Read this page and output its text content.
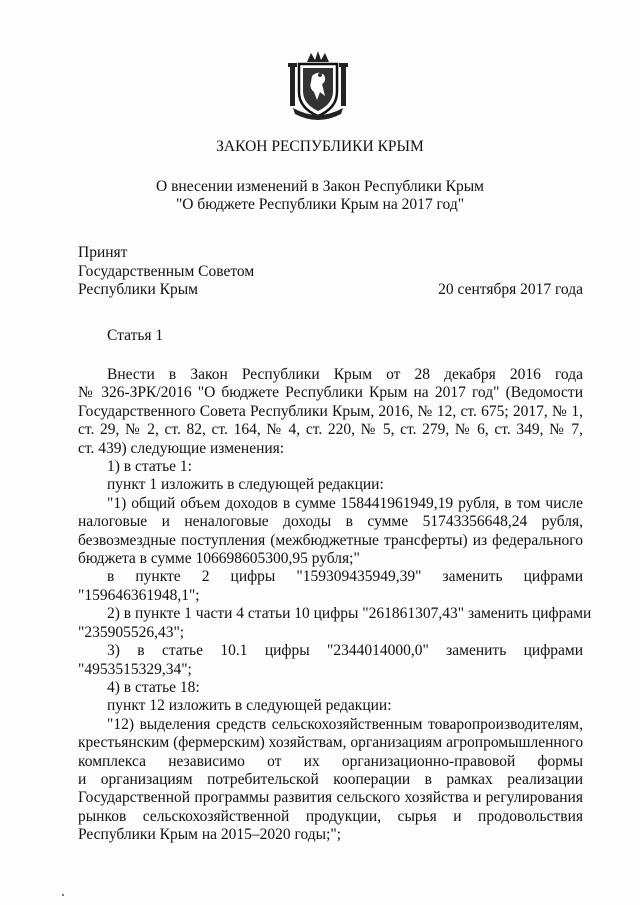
ЗАКОН РЕСПУБЛИКИ КРЫМ
О внесении изменений в Закон Республики Крым
"О бюджете Республики Крым на 2017 год"
Принят
Государственным Советом
Республики Крым	20 сентября 2017 года
Статья 1
Внести в Закон Республики Крым от 28 декабря 2016 года
№ 326-ЗРК/2016 "О бюджете Республики Крым на 2017 год" (Ведомости
Государственного Совета Республики Крым, 2016, № 12, ст. 675; 2017, № 1,
ст. 29, № 2, ст. 82, ст. 164, № 4, ст. 220, № 5, ст. 279, № 6, ст. 349, № 7,
ст. 439) следующие изменения:
1) в статье 1:
пункт 1 изложить в следующей редакции:
"1) общий объем доходов в сумме 158441961949,19 рубля, в том числе
налоговые и неналоговые доходы в сумме 51743356648,24 рубля,
безвозмездные поступления (межбюджетные трансферты) из федерального
бюджета в сумме 106698605300,95 рубля;"
в пункте 2 цифры "159309435949,39" заменить цифрами
"159646361948,1";
2) в пункте 1 части 4 статьи 10 цифры "261861307,43" заменить цифрами
"235905526,43";
3) в статье 10.1 цифры "2344014000,0" заменить цифрами
"4953515329,34";
4) в статье 18:
пункт 12 изложить в следующей редакции:
"12) выделения средств сельскохозяйственным товаропроизводителям,
крестьянским (фермерским) хозяйствам, организациям агропромышленного
комплекса независимо от их организационно-правовой формы
и организациям потребительской кооперации в рамках реализации
Государственной программы развития сельского хозяйства и регулирования
рынков сельскохозяйственной продукции, сырья и продовольствия
Республики Крым на 2015–2020 годы;";
